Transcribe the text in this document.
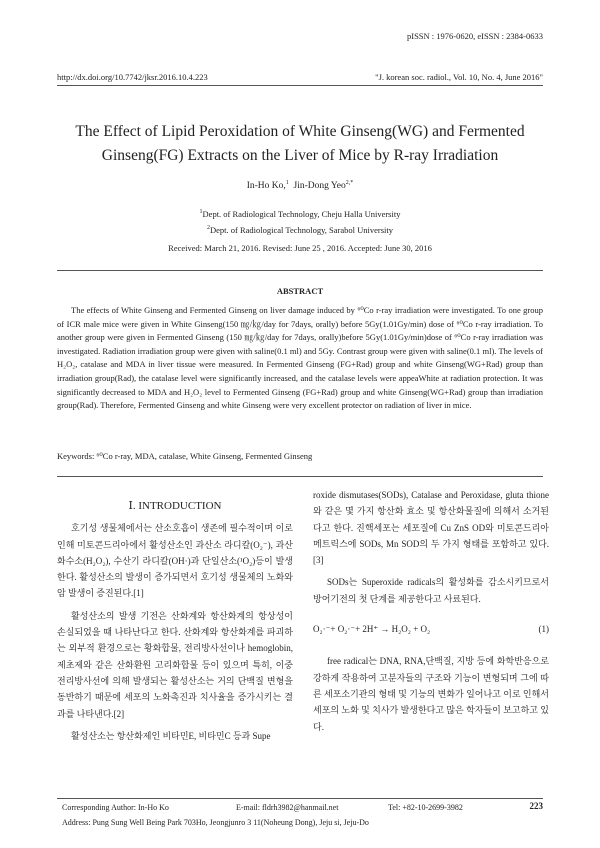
pISSN : 1976-0620, eISSN : 2384-0633
http://dx.doi.org/10.7742/jksr.2016.10.4.223	"J. korean soc. radiol., Vol. 10, No. 4, June 2016"
The Effect of Lipid Peroxidation of White Ginseng(WG) and Fermented
Ginseng(FG) Extracts on the Liver of Mice by R-ray Irradiation
In-Ho Ko,$^1$ Jin-Dong Yeo$^{2,*}$
$^1$Dept. of Radiological Technology, Cheju Halla University
$^2$Dept. of Radiological Technology, Sarabol University
Received: March 21, 2016. Revised: June 25 , 2016. Accepted: June 30, 2016
ABSTRACT
The effects of White Ginseng and Fermented Ginseng on liver damage induced by ⁶⁰Co r-ray irradiation were investigated. To one group of ICR male mice were given in White Ginseng(150 ㎎/㎏/day for 7days, orally) before 5Gy(1.01Gy/min) dose of ⁶⁰Co r-ray irradiation. To another group were given in Fermented Ginseng (150 ㎎/㎏/day for 7days, orally)before 5Gy(1.01Gy/min)dose of ⁶⁰Co r-ray irradiation was investigated. Radiation irradiation group were given with saline(0.1 ml) and 5Gy. Contrast group were given with saline(0.1 ml). The levels of H₂O₂, catalase and MDA in liver tissue were measured. In Fermented Ginseng (FG+Rad) group and white Ginseng(WG+Rad) group than irradiation group(Rad), the catalase level were significantly increased, and the catalase levels were appeaWhite at radiation protection. It was significantly decreased to MDA and H₂O₂ level to Fermented Ginseng (FG+Rad) group and white Ginseng(WG+Rad) group than irradiation group(Rad). Therefore, Fermented Ginseng and white Ginseng were very excellent protector on radiation of liver in mice.
Keywords: ⁶⁰Co r-ray, MDA, catalase, White Ginseng, Fermented Ginseng

Ⅰ. INTRODUCTION

호기성 생물체에서는 산소호흡이 생존에 필수적이며 이로 인해 미토콘드리아에서 활성산소인 과산소 라디칼(O₂⁻), 과산화수소(H₂O₂), 수산기 라디칼(OH·)과 단일산소(¹O₂)등이 발생한다. 활성산소의 발생이 증가되면서 호기성 생물체의 노화와 암 발생이 증진된다.[1]

활성산소의 발생 기전은 산화계와 항산화계의 항상성이 손실되었을 때 나타난다고 한다. 산화계와 항산화계를 파괴하는 외부적 환경으로는 황화합물, 전리방사선이나 hemoglobin, 제초제와 같은 산화환원 고리화합물 등이 있으며 특히, 이중 전리방사선에 의해 발생되는 활성산소는 거의 단백질 변형을 동반하기 때문에 세포의 노화촉진과 치사율을 증가시키는 결과를 나타낸다.[2]

활성산소는 항산화제인 비타민E, 비타민C 등과 Supe

roxide dismutases(SODs), Catalase and Peroxidase, gluta thione와 같은 몇 가지 항산화 효소 및 항산화물질에 의해서 소거된다고 한다. 진핵세포는 세포질에 Cu ZnS OD와 미토콘드리아 메트릭스에 SODs, Mn SOD의 두 가지 형태를 포함하고 있다.[3]

SODs는 Superoxide radicals의 활성화를 감소시키므로서 방어기전의 첫 단계를 제공한다고 사료된다.

O₂·⁻+ O₂·⁻+ 2H⁺ → H₂O₂ + O₂	(1)

free radical는 DNA, RNA,단백질, 지방 등에 화학반응으로 강하게 작용하여 고분자들의 구조와 기능이 변형되며 그에 따른 세포소기관의 형태 및 기능의 변화가 일어나고 이로 인해서 세포의 노화 및 치사가 발생한다고 많은 학자들이 보고하고 있다.

Corresponding Author: In-Ho Ko	E-mail: fldrh3982@hanmail.net	Tel: +82-10-2699-3982
Address: Pung Sung Well Being Park 703Ho, Jeongjunro 3 11(Noheung Dong), Jeju si, Jeju-Do
223
